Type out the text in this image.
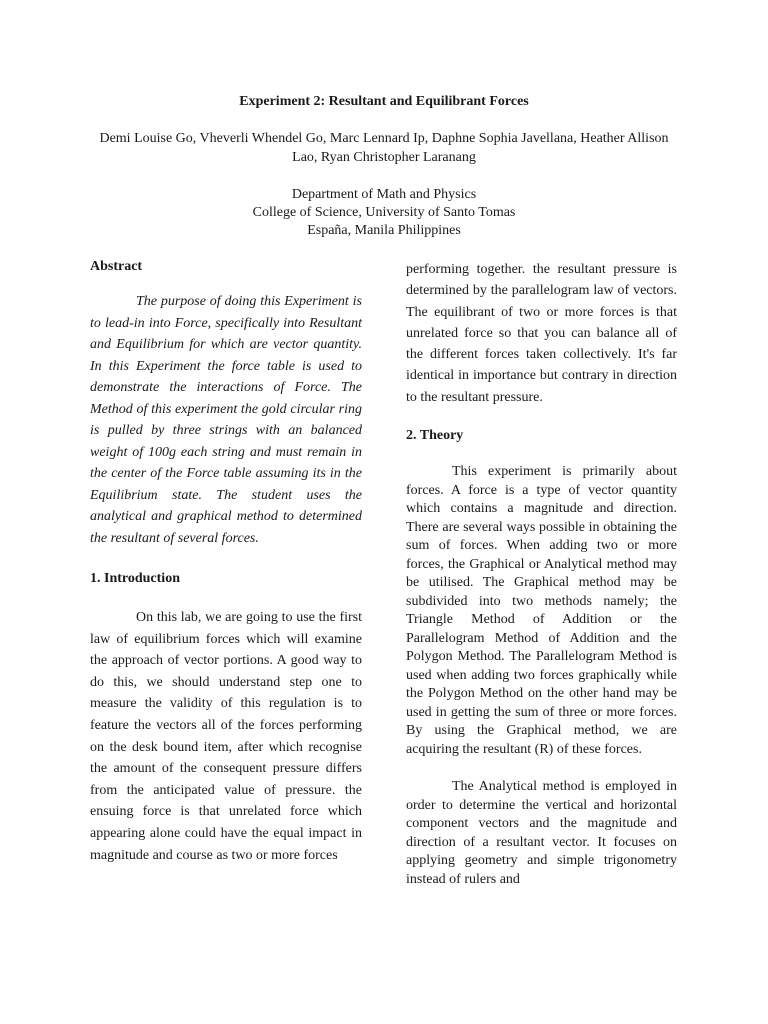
Experiment 2: Resultant and Equilibrant Forces
Demi Louise Go, Vheverli Whendel Go, Marc Lennard Ip, Daphne Sophia Javellana, Heather Allison Lao, Ryan Christopher Laranang
Department of Math and Physics
College of Science, University of Santo Tomas
España, Manila Philippines
Abstract

The purpose of doing this Experiment is to lead-in into Force, specifically into Resultant and Equilibrium for which are vector quantity. In this Experiment the force table is used to demonstrate the interactions of Force. The Method of this experiment the gold circular ring is pulled by three strings with an balanced weight of 100g each string and must remain in the center of the Force table assuming its in the Equilibrium state. The student uses the analytical and graphical method to determined the resultant of several forces.

1. Introduction

On this lab, we are going to use the first law of equilibrium forces which will examine the approach of vector portions. A good way to do this, we should understand step one to measure the validity of this regulation is to feature the vectors all of the forces performing on the desk bound item, after which recognise the amount of the consequent pressure differs from the anticipated value of pressure. the ensuing force is that unrelated force which appearing alone could have the equal impact in magnitude and course as two or more forces

performing together. the resultant pressure is determined by the parallelogram law of vectors. The equilibrant of two or more forces is that unrelated force so that you can balance all of the different forces taken collectively. It's far identical in importance but contrary in direction to the resultant pressure.

2. Theory

This experiment is primarily about forces. A force is a type of vector quantity which contains a magnitude and direction. There are several ways possible in obtaining the sum of forces. When adding two or more forces, the Graphical or Analytical method may be utilised. The Graphical method may be subdivided into two methods namely; the Triangle Method of Addition or the Parallelogram Method of Addition and the Polygon Method. The Parallelogram Method is used when adding two forces graphically while the Polygon Method on the other hand may be used in getting the sum of three or more forces. By using the Graphical method, we are acquiring the resultant (R) of these forces.

The Analytical method is employed in order to determine the vertical and horizontal component vectors and the magnitude and direction of a resultant vector. It focuses on applying geometry and simple trigonometry instead of rulers and
